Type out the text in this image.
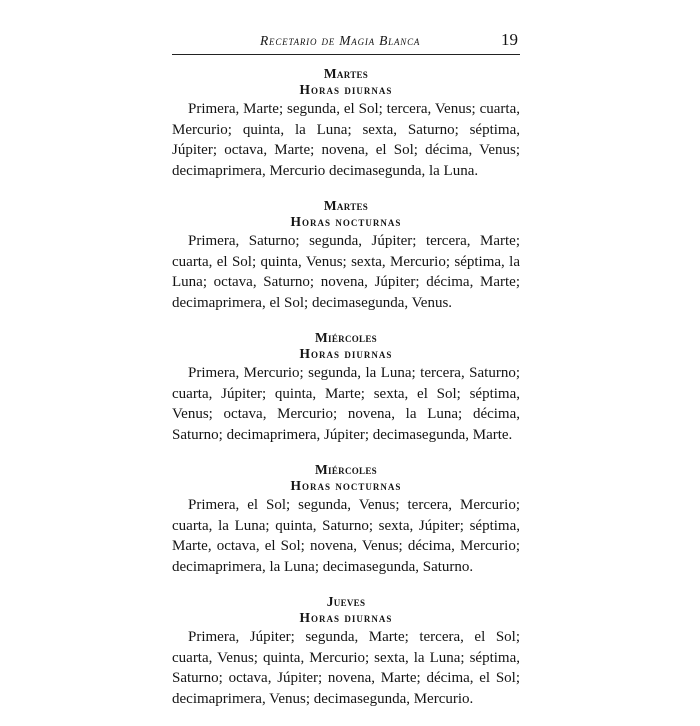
Recetario de Magia Blanca	19
Martes
Horas diurnas

Primera, Marte; segunda, el Sol; tercera, Venus; cuarta, Mercurio; quinta, la Luna; sexta, Saturno; séptima, Júpiter; octava, Marte; novena, el Sol; décima, Venus; decimaprimera, Mercurio decimasegunda, la Luna.

Martes
Horas nocturnas

Primera, Saturno; segunda, Júpiter; tercera, Marte; cuarta, el Sol; quinta, Venus; sexta, Mercurio; séptima, la Luna; octava, Saturno; novena, Júpiter; décima, Marte; decimaprimera, el Sol; decimasegunda, Venus.

Miércoles
Horas diurnas

Primera, Mercurio; segunda, la Luna; tercera, Saturno; cuarta, Júpiter; quinta, Marte; sexta, el Sol; séptima, Venus; octava, Mercurio; novena, la Luna; décima, Saturno; decimaprimera, Júpiter; decimasegunda, Marte.

Miércoles
Horas nocturnas

Primera, el Sol; segunda, Venus; tercera, Mercurio; cuarta, la Luna; quinta, Saturno; sexta, Júpiter; séptima, Marte, octava, el Sol; novena, Venus; décima, Mercurio; decimaprimera, la Luna; decimasegunda, Saturno.

Jueves
Horas diurnas

Primera, Júpiter; segunda, Marte; tercera, el Sol; cuarta, Venus; quinta, Mercurio; sexta, la Luna; séptima, Saturno; octava, Júpiter; novena, Marte; décima, el Sol; decimaprimera, Venus; decimasegunda, Mercurio.
